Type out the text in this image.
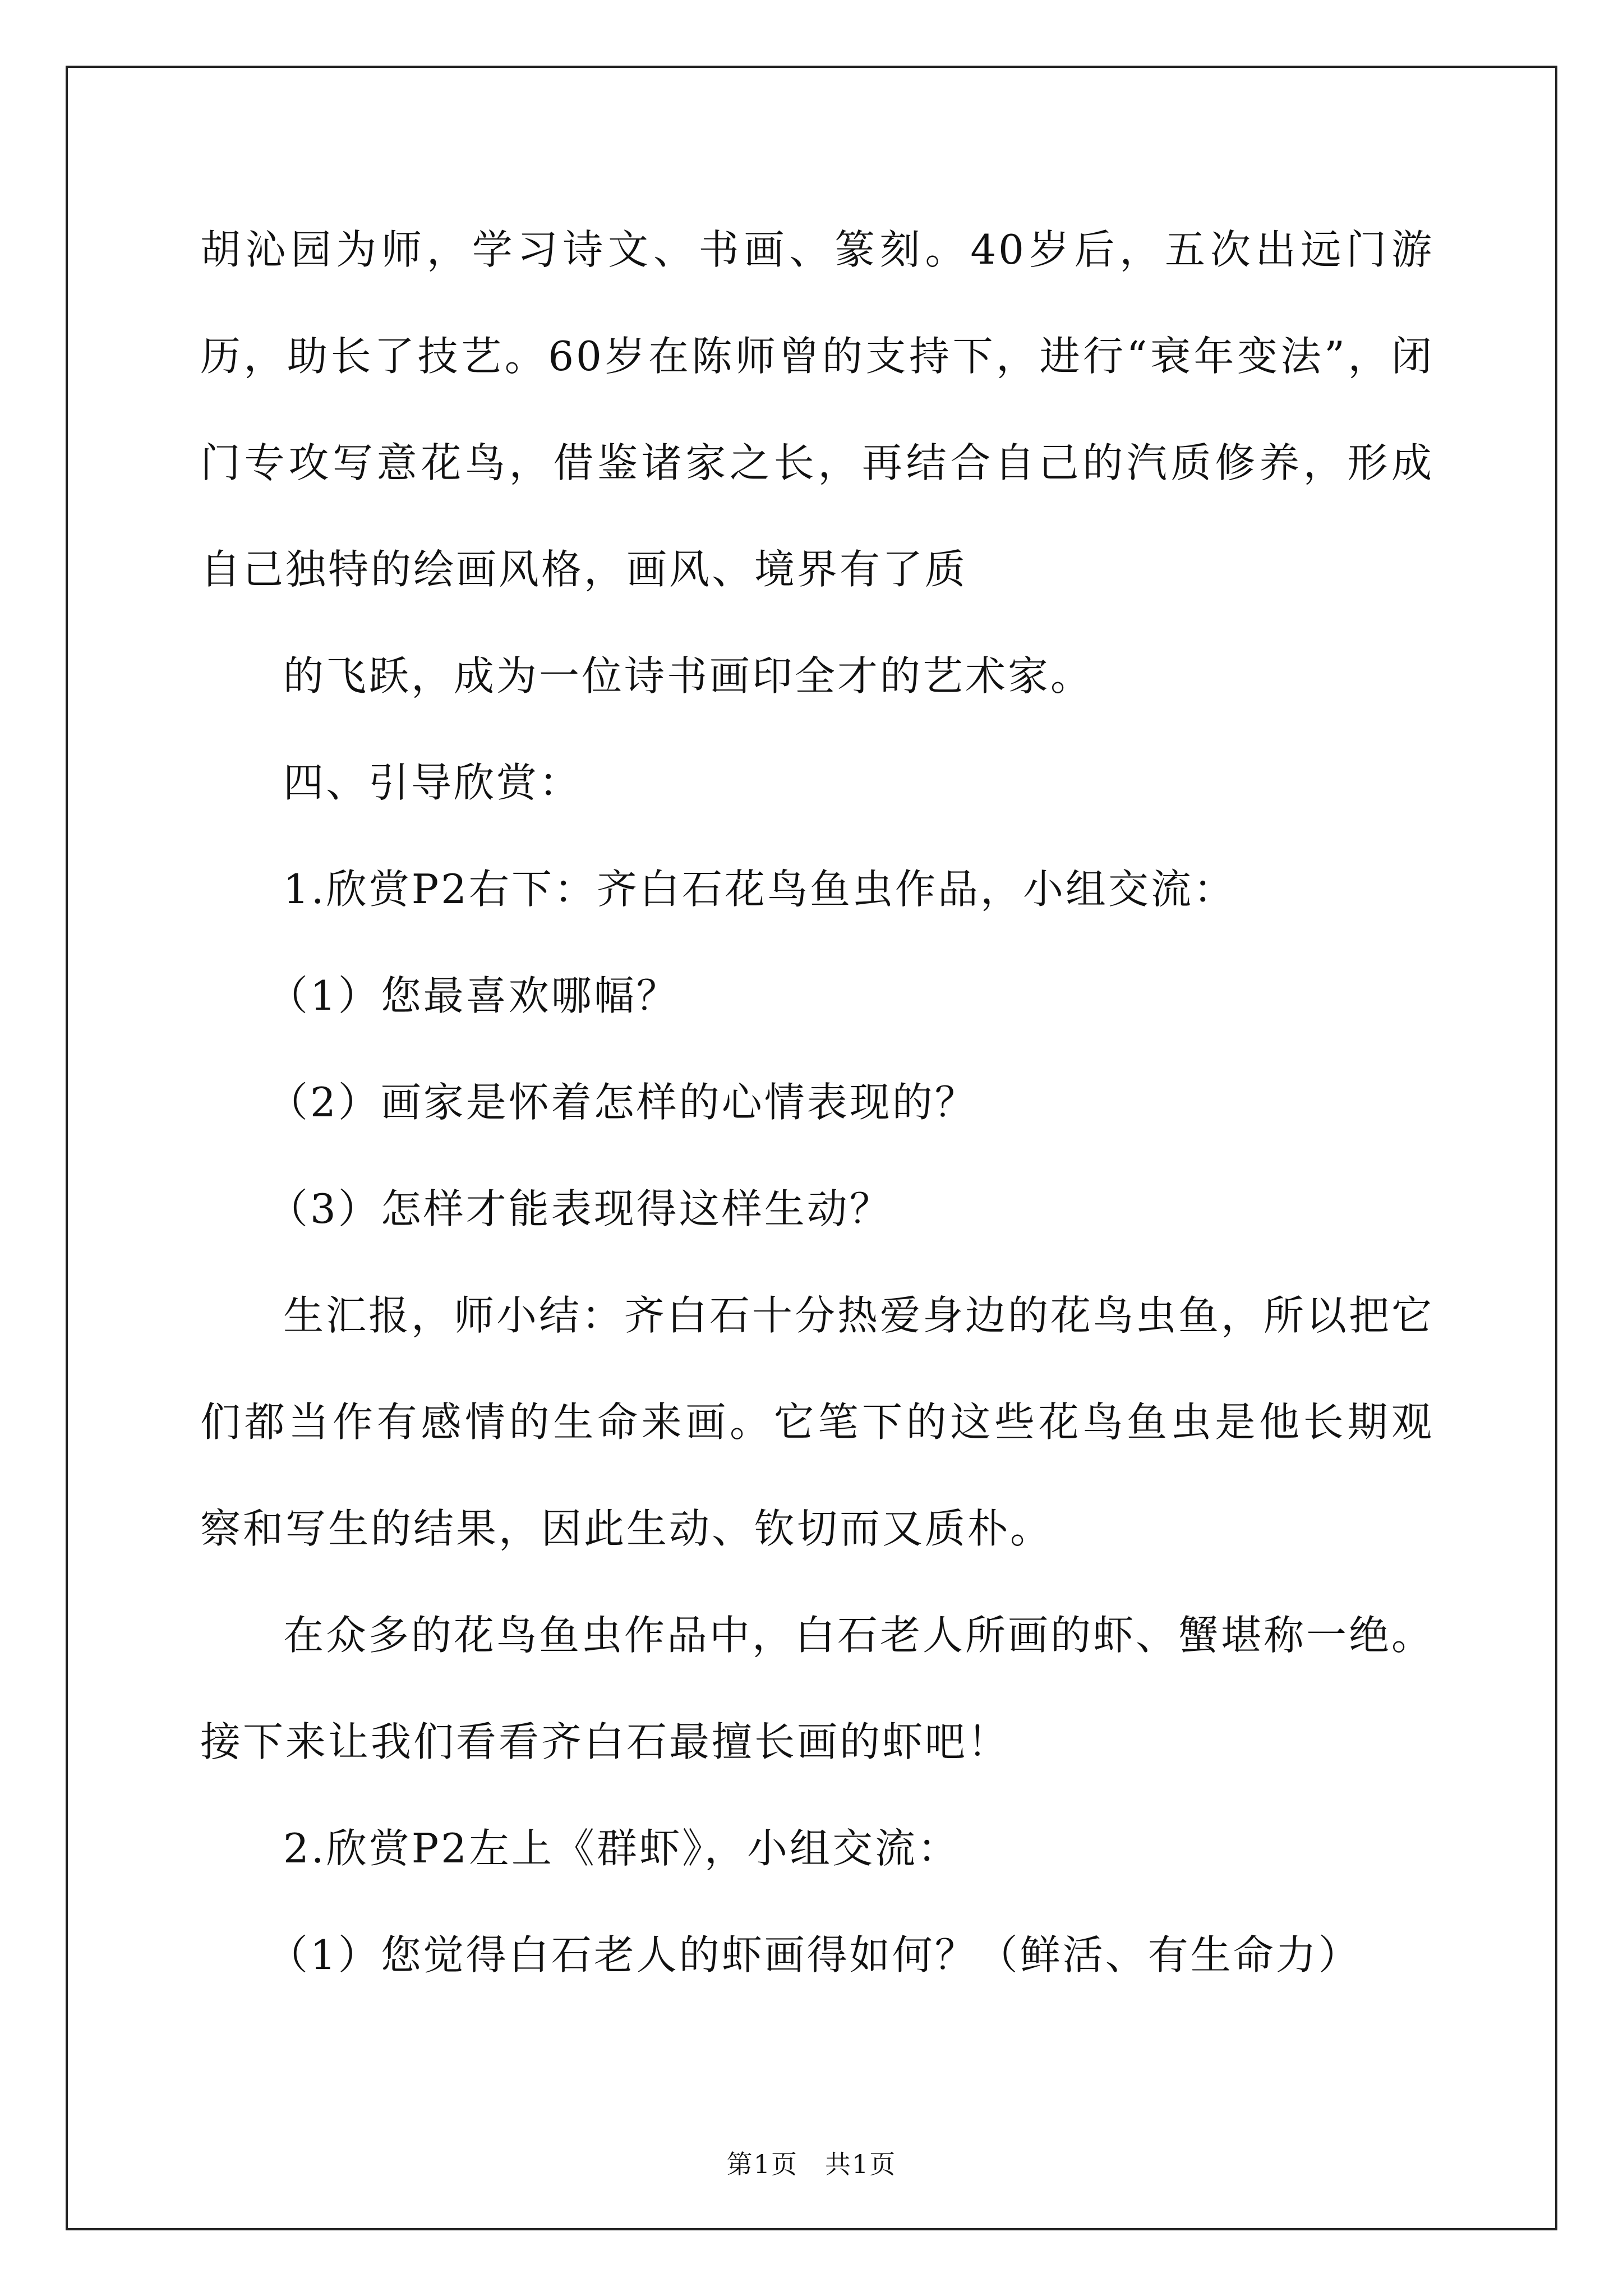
胡沁园为师，学习诗文、书画、篆刻。40岁后，五次出远门游历，助长了技艺。60岁在陈师曾的支持下，进行“衰年变法”，闭门专攻写意花鸟，借鉴诸家之长，再结合自己的汽质修养，形成自己独特的绘画风格，画风、境界有了质

的飞跃，成为一位诗书画印全才的艺术家。

四、引导欣赏：

1.欣赏P2右下：齐白石花鸟鱼虫作品，小组交流：

（1）您最喜欢哪幅？

（2）画家是怀着怎样的心情表现的？

（3）怎样才能表现得这样生动？

生汇报，师小结：齐白石十分热爱身边的花鸟虫鱼，所以把它们都当作有感情的生命来画。它笔下的这些花鸟鱼虫是他长期观察和写生的结果，因此生动、钦切而又质朴。

在众多的花鸟鱼虫作品中，白石老人所画的虾、蟹堪称一绝。接下来让我们看看齐白石最擅长画的虾吧！

2.欣赏P2左上《群虾》，小组交流：

（1）您觉得白石老人的虾画得如何？（鲜活、有生命力）

第1页　共1页
